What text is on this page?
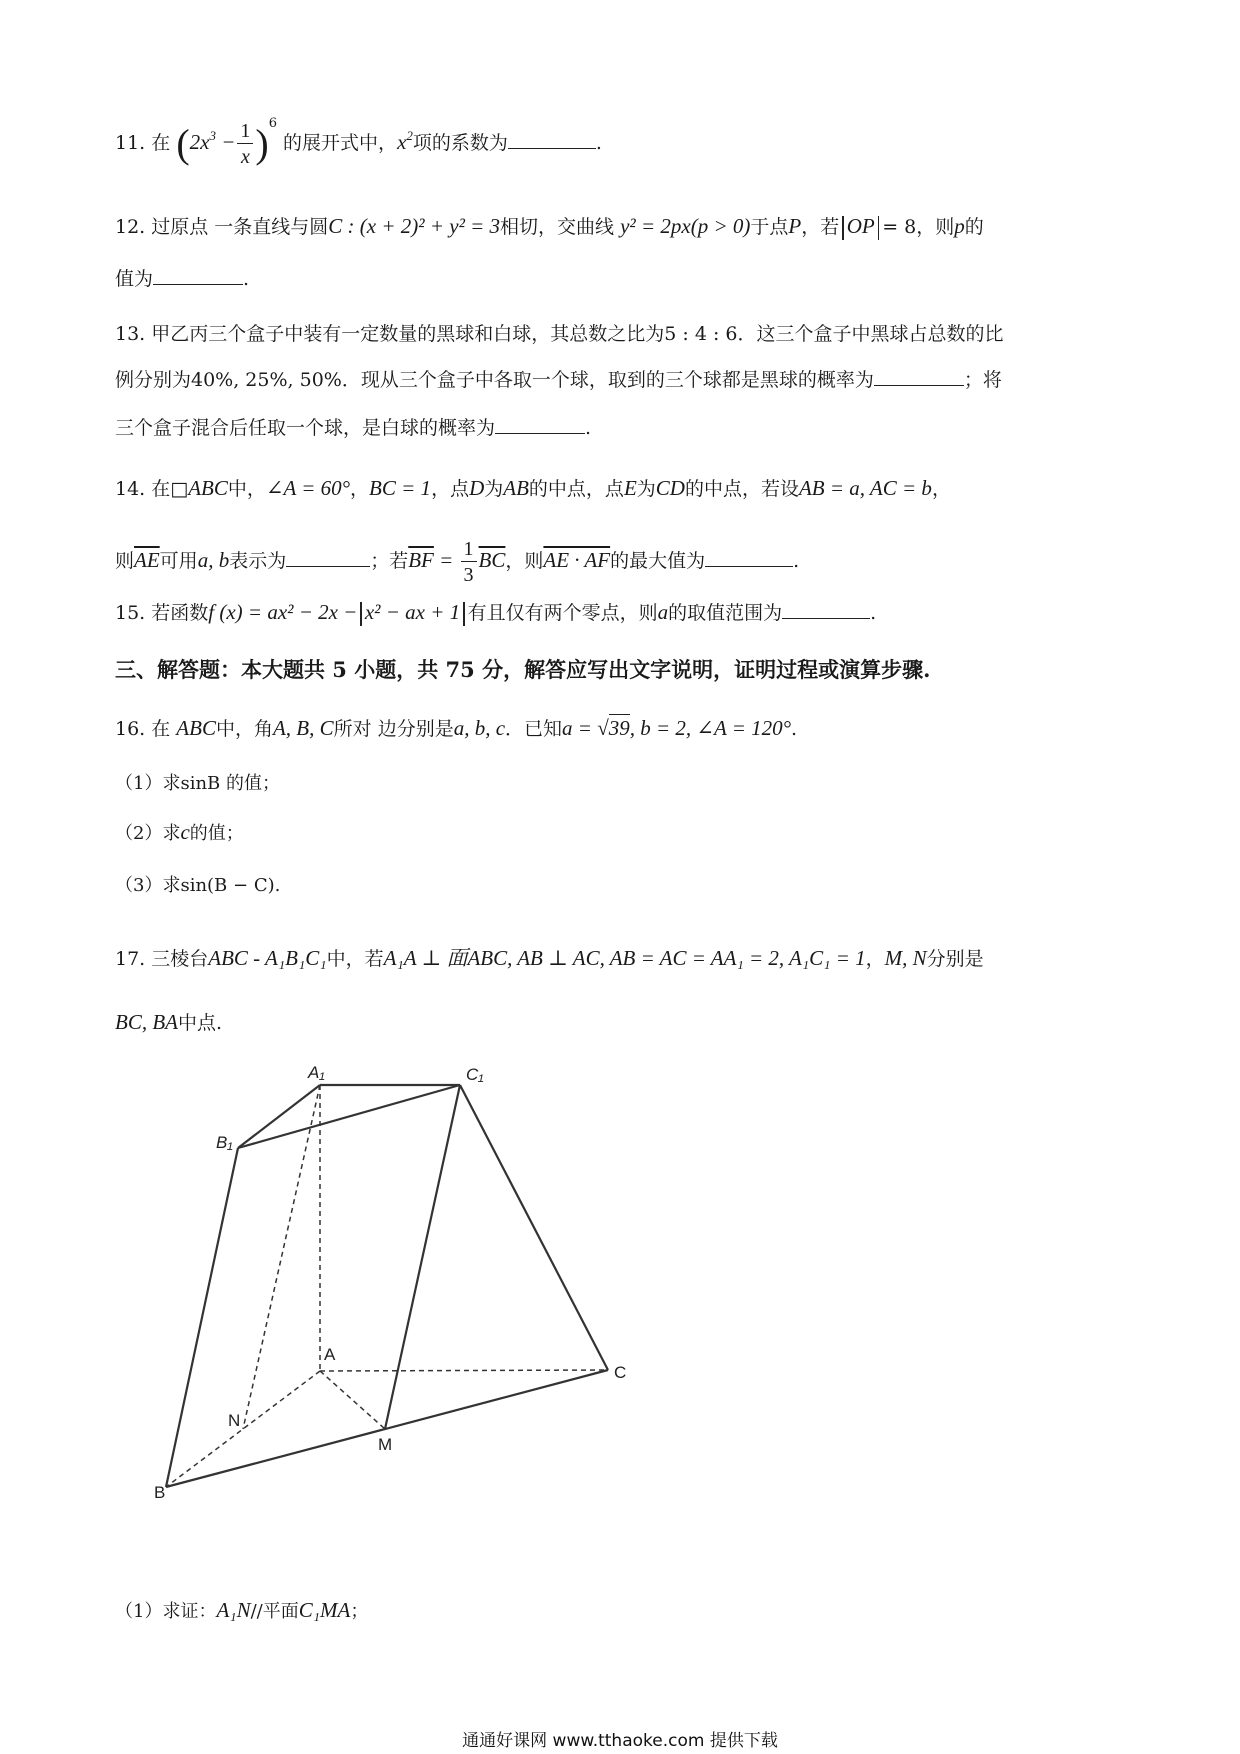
11. 在 $(2x^3 - \frac{1}{x} )^6$ 的展开式中，$x^2$项的系数为	.
12. 过原点 一条直线与圆C : (x + 2)² + y² = 3相切，交曲线 y² = 2px(p > 0)于点P，若 OP = 8，则p的
值为	.
13. 甲乙丙三个盒子中装有一定数量的黑球和白球，其总数之比为5 : 4 : 6．这三个盒子中黑球占总数的比
例分别为40%, 25%, 50%．现从三个盒子中各取一个球，取到的三个球都是黑球的概率为	；将
三个盒子混合后任取一个球，是白球的概率为	.
14. 在□ABC中，∠A = 60°，BC = 1，点D为AB的中点，点E为CD的中点，若设AB = a, AC = b，
则$\overline{AE}$可用a, b表示为	；若$\overline{BF} = \frac{1}{3} \overline{BC}$，则AE · AF的最大值为	.
15. 若函数f (x) = ax² − 2x − x² − ax + 1 有且仅有两个零点，则a的取值范围为	.
三、解答题：本大题共 5 小题，共 75 分，解答应写出文字说明，证明过程或演算步骤.
16. 在 ABC中，角A, B, C所对 边分别是a, b, c．已知a = √39, b = 2, ∠A = 120°.
（1）求sinB 的值；
（2）求c的值；
（3）求sin(B − C).
17. 三棱台ABC - A₁B₁C₁中，若A₁A ⊥ 面ABC, AB ⊥ AC, AB = AC = AA₁ = 2, A₁C₁ = 1，M, N分别是
BC, BA中点.
A₁	C₁
B₁
A
C
N
M
B
（1）求证：A₁N//平面C₁MA；
通通好课网 www.tthaoke.com 提供下载
